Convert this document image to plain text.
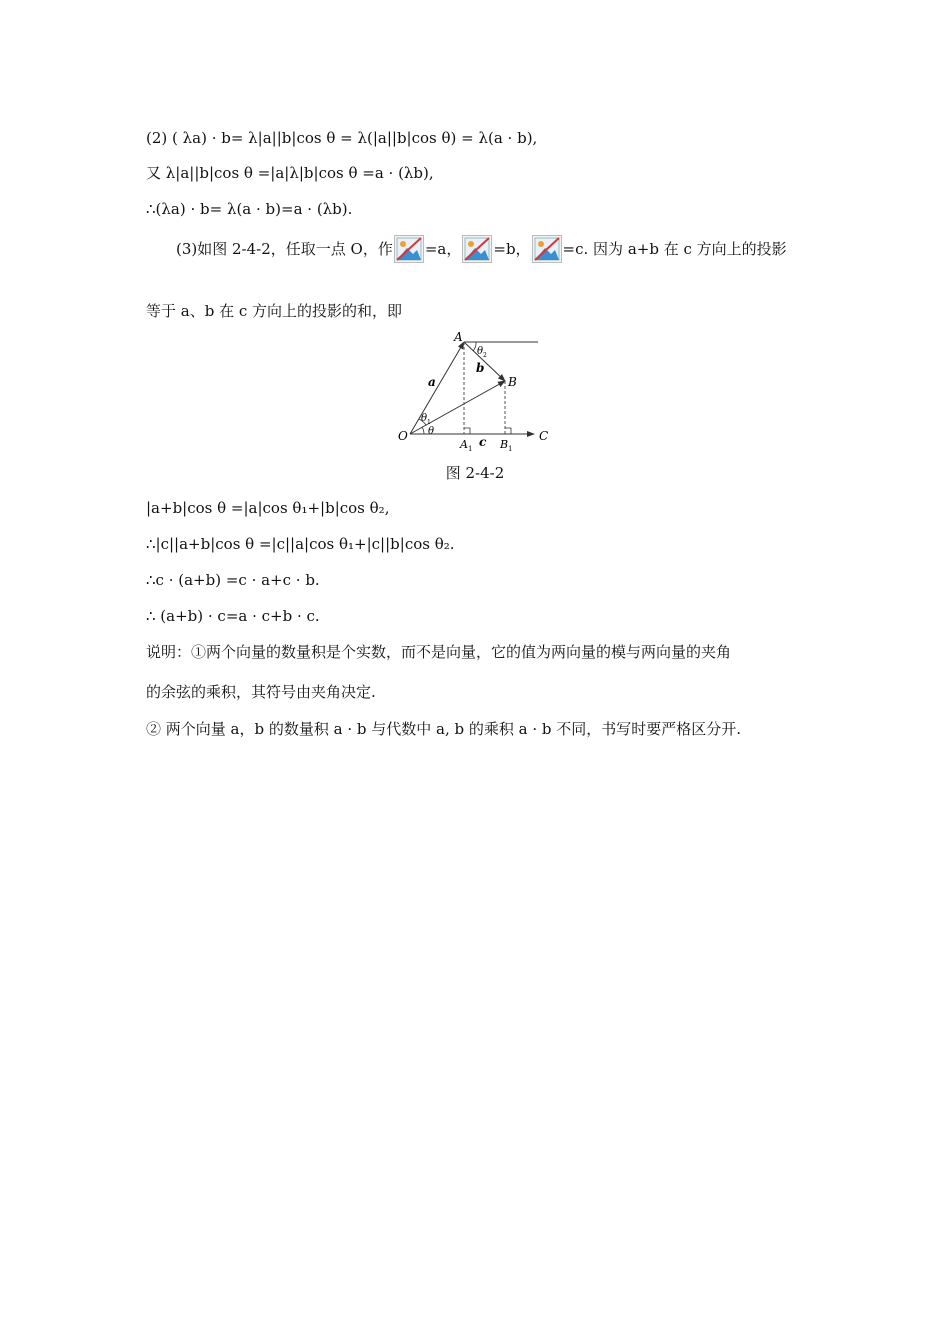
(2) ( λa) · b= λ|a||b|cos θ = λ(|a||b|cos θ) = λ(a · b),
又 λ|a||b|cos θ =|a|λ|b|cos θ =a · (λb),
∴(λa) · b= λ(a · b)=a · (λb).
(3)如图 2-4-2，任取一点 O，作 =a， =b， =c. 因为 a+b 在 c 方向上的投影
等于 a、b 在 c 方向上的投影的和，即
A
B
O	C
a
b
c
A 1	B 1
θ
θ 1
θ 2
图 2-4-2
|a+b|cos θ =|a|cos θ₁+|b|cos θ₂,
∴|c||a+b|cos θ =|c||a|cos θ₁+|c||b|cos θ₂.
∴c · (a+b) =c · a+c · b.
∴ (a+b) · c=a · c+b · c.
说明：①两个向量的数量积是个实数，而不是向量，它的值为两向量的模与两向量的夹角
的余弦的乘积，其符号由夹角决定.
② 两个向量 a，b 的数量积 a · b 与代数中 a, b 的乘积 a · b 不同，书写时要严格区分开.
